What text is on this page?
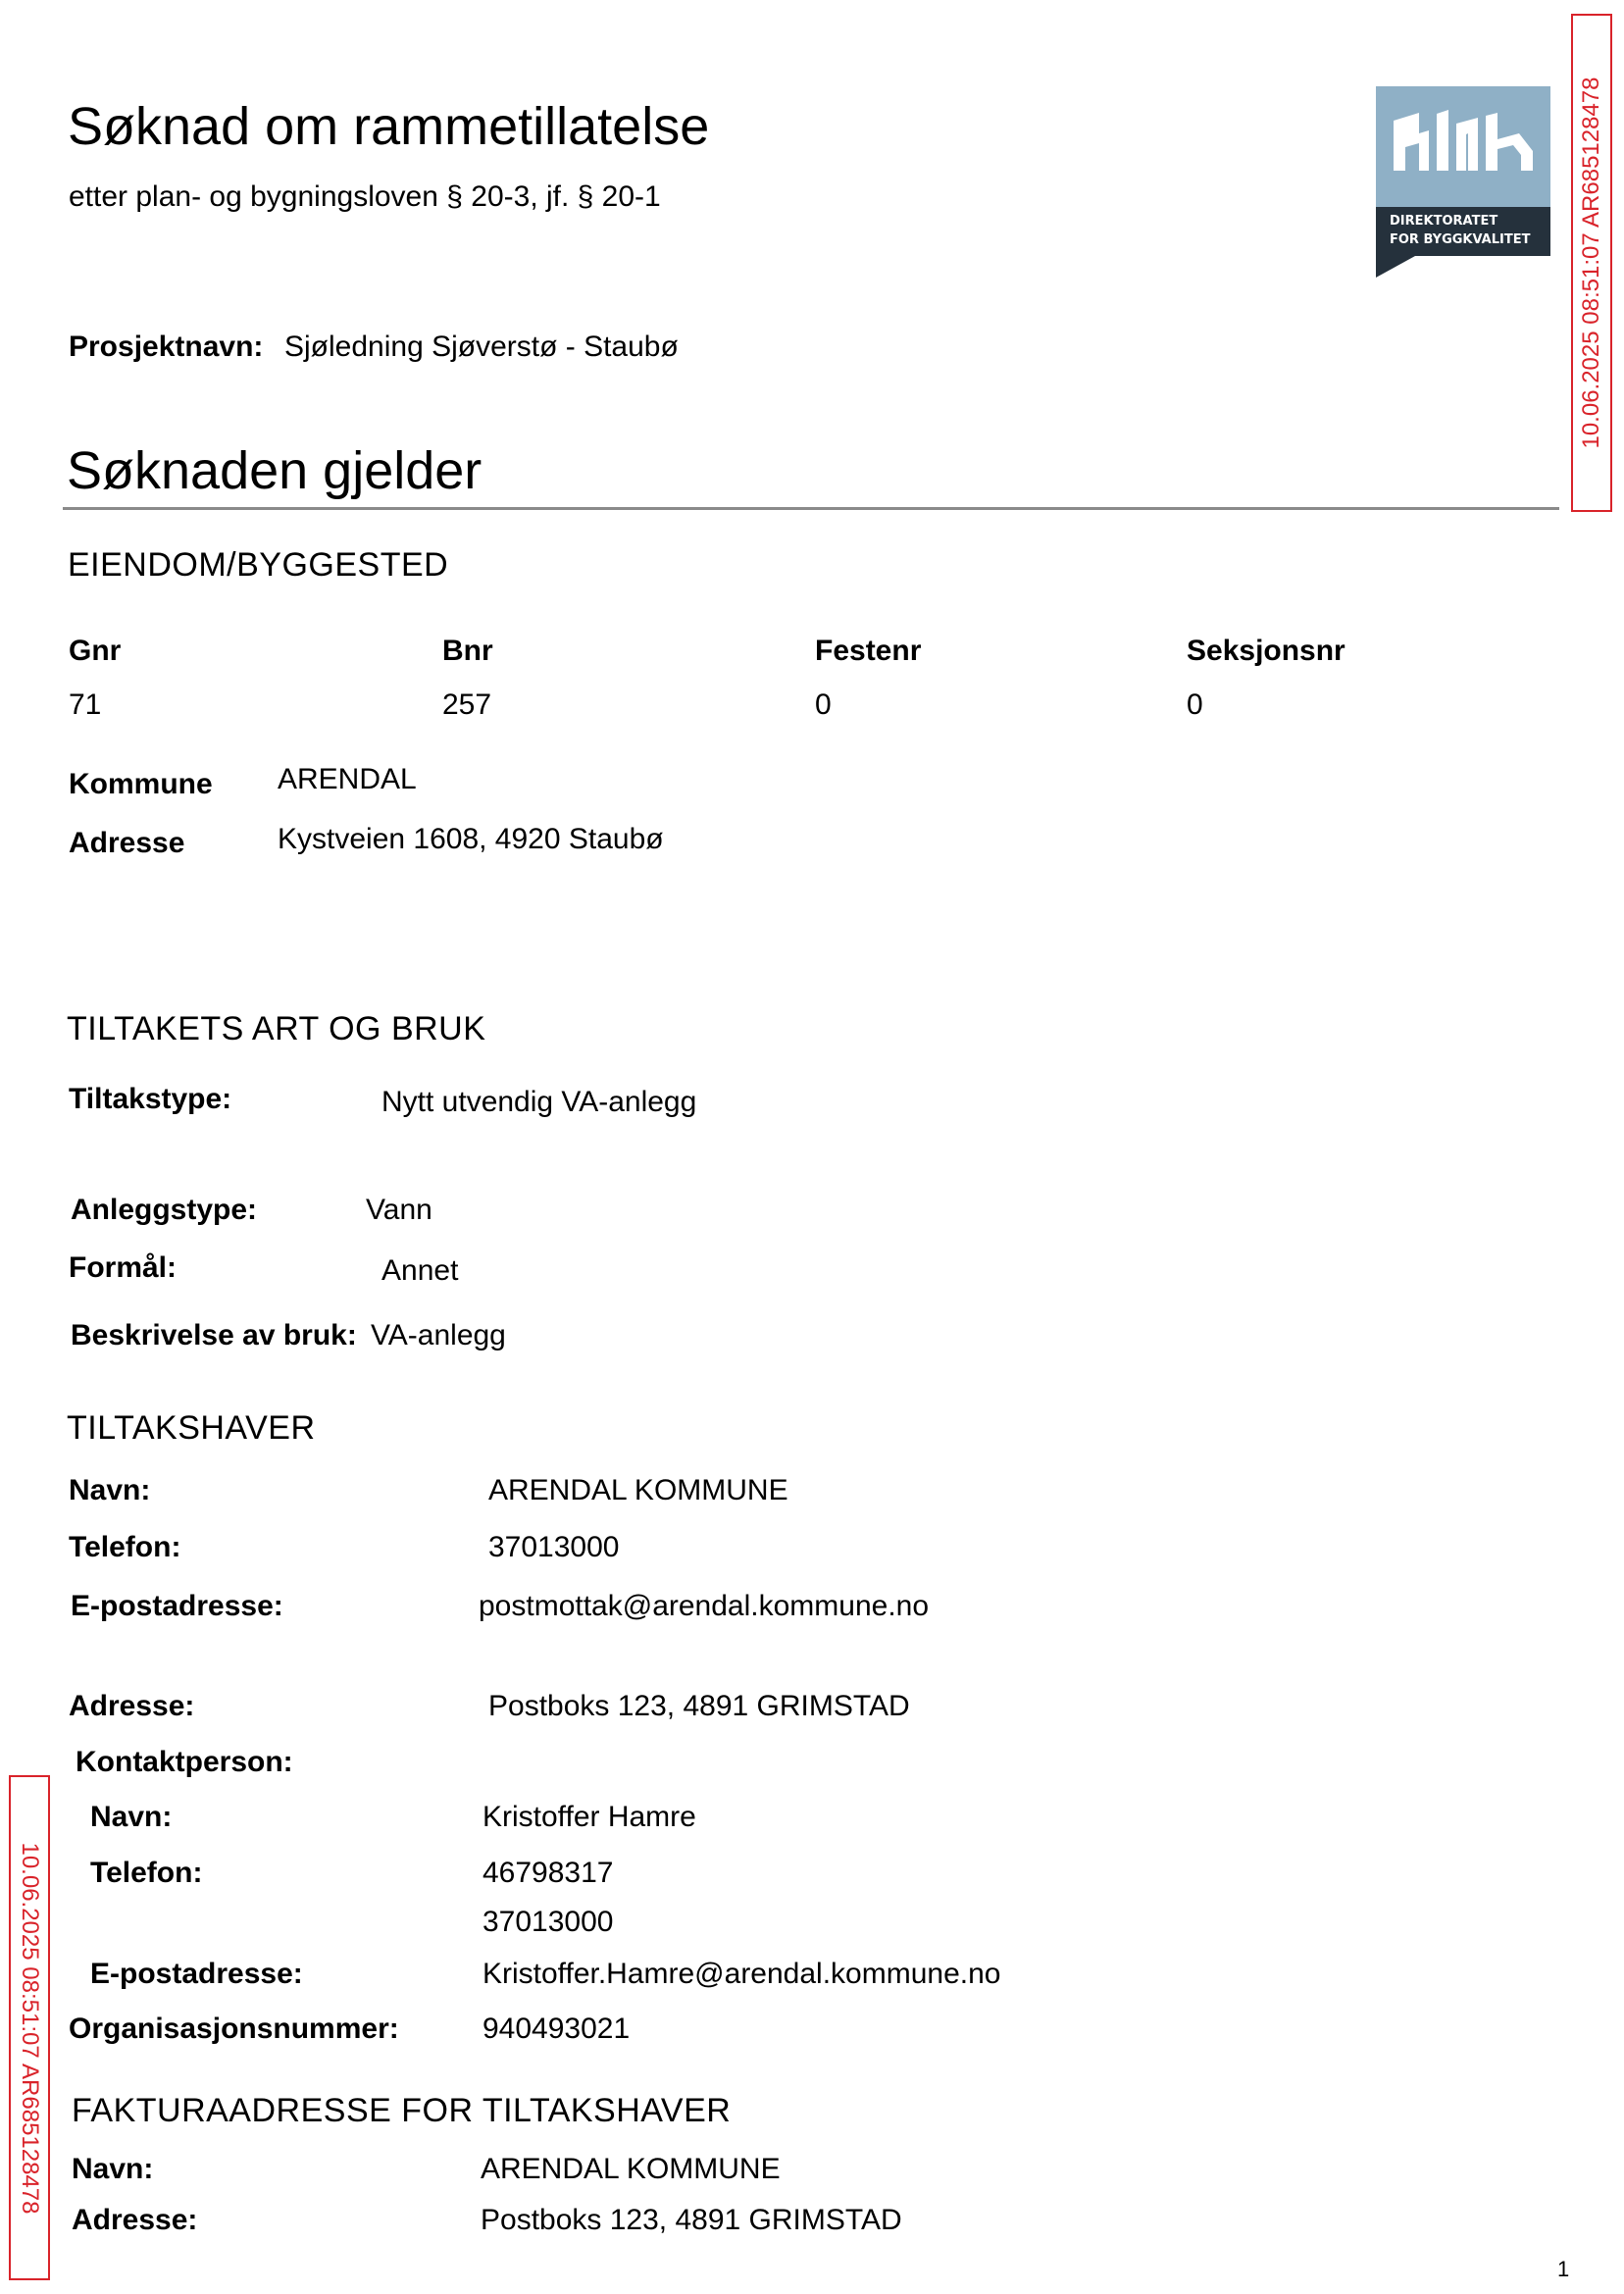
Søknad om rammetillatelse
etter plan- og bygningsloven § 20-3, jf. § 20-1
DIREKTORATET
FOR BYGGKVALITET 10.06.2025 08:51:07 AR685128478
10.06.2025 08:51:07 AR685128478
Prosjektnavn: Sjøledning Sjøverstø - Staubø
Søknaden gjelder
EIENDOM/BYGGESTED
Gnr	Bnr	Festenr	Seksjonsnr
71	257	0	0
Kommune ARENDAL
Adresse	Kystveien 1608, 4920 Staubø
TILTAKETS ART OG BRUK
Tiltakstype:	Nytt utvendig VA-anlegg
Anleggstype:	Vann
Formål:	Annet
Beskrivelse av bruk: VA-anlegg
TILTAKSHAVER
Navn:	ARENDAL KOMMUNE
Telefon:	37013000
E-postadresse:	postmottak@arendal.kommune.no
Adresse:	Postboks 123, 4891 GRIMSTAD
Kontaktperson:
Navn:	Kristoffer Hamre
Telefon:	46798317
37013000
E-postadresse:	Kristoffer.Hamre@arendal.kommune.no
Organisasjonsnummer:	940493021
FAKTURAADRESSE FOR TILTAKSHAVER
Navn:	ARENDAL KOMMUNE
Adresse:	Postboks 123, 4891 GRIMSTAD
1
